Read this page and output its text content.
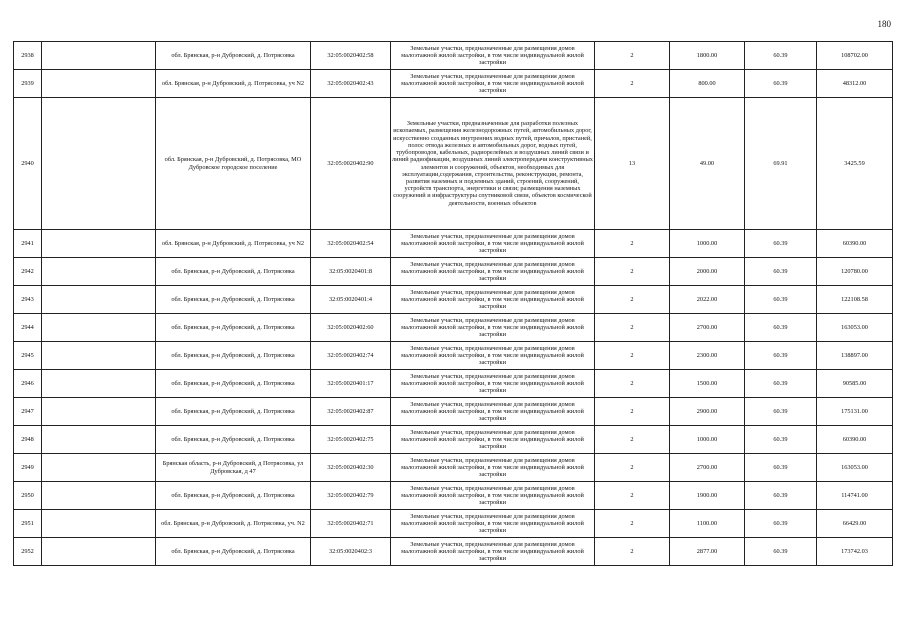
180
2938		обл. Брянская, р-н Дубровский, д. Потрясовка	32:05:0020402:58	Земельные участки, предназначенные для размещения домов малоэтажной жилой застройки, в том числе индивидуальной жилой застройки	2	1800.00	60.39	108702.00
2939		обл. Брянская, р-н Дубровский, д. Потрясовка, уч N2	32:05:0020402:43	Земельные участки, предназначенные для размещения домов малоэтажной жилой застройки, в том числе индивидуальной жилой застройки	2	800.00	60.39	48312.00
2940		обл. Брянская, р-н Дубровский, д. Потрясовка, МО Дубровское городское поселение	32:05:0020402:90	Земельные участки, предназначенные для разработки полезных ископаемых, размещения железнодорожных путей, автомобильных дорог, искусственно созданных внутренних водных путей, причалов, пристаней, полос отвода железных и автомобильных дорог, водных путей, трубопроводов, кабельных, радиорелейных и воздушных линий связи и линий радиофикации, воздушных линий электропередачи конструктивных элементов и сооружений, объектов, необходимых для эксплуатации,содержания, строительства, реконструкции, ремонта, развития наземных и подземных зданий, строений, сооружений, устройств транспорта, энергетики и связи; размещения наземных сооружений и инфраструктуры спутниковой связи, объектов космической деятельности, военных объектов	13	49.00	69.91	3425.59
2941		обл. Брянская, р-н Дубровский, д. Потрясовка, уч N2	32:05:0020402:54	Земельные участки, предназначенные для размещения домов малоэтажной жилой застройки, в том числе индивидуальной жилой застройки	2	1000.00	60.39	60390.00
2942		обл. Брянская, р-н Дубровский, д. Потрясовка	32:05:0020401:8	Земельные участки, предназначенные для размещения домов малоэтажной жилой застройки, в том числе индивидуальной жилой застройки	2	2000.00	60.39	120780.00
2943		обл. Брянская, р-н Дубровский, д. Потрясовка	32:05:0020401:4	Земельные участки, предназначенные для размещения домов малоэтажной жилой застройки, в том числе индивидуальной жилой застройки	2	2022.00	60.39	122108.58
2944		обл. Брянская, р-н Дубровский, д. Потрясовка	32:05:0020402:60	Земельные участки, предназначенные для размещения домов малоэтажной жилой застройки, в том числе индивидуальной жилой застройки	2	2700.00	60.39	163053.00
2945		обл. Брянская, р-н Дубровский, д. Потрясовка	32:05:0020402:74	Земельные участки, предназначенные для размещения домов малоэтажной жилой застройки, в том числе индивидуальной жилой застройки	2	2300.00	60.39	138897.00
2946		обл. Брянская, р-н Дубровский, д. Потрясовка	32:05:0020401:17	Земельные участки, предназначенные для размещения домов малоэтажной жилой застройки, в том числе индивидуальной жилой застройки	2	1500.00	60.39	90585.00
2947		обл. Брянская, р-н Дубровский, д. Потрясовка	32:05:0020402:87	Земельные участки, предназначенные для размещения домов малоэтажной жилой застройки, в том числе индивидуальной жилой застройки	2	2900.00	60.39	175131.00
2948		обл. Брянская, р-н Дубровский, д. Потрясовка	32:05:0020402:75	Земельные участки, предназначенные для размещения домов малоэтажной жилой застройки, в том числе индивидуальной жилой застройки	2	1000.00	60.39	60390.00
2949		Брянская область, р-н Дубровский, д Потрясовка, ул Дубровская, д 47	32:05:0020402:30	Земельные участки, предназначенные для размещения домов малоэтажной жилой застройки, в том числе индивидуальной жилой застройки	2	2700.00	60.39	163053.00
2950		обл. Брянская, р-н Дубровский, д. Потрясовка	32:05:0020402:79	Земельные участки, предназначенные для размещения домов малоэтажной жилой застройки, в том числе индивидуальной жилой застройки	2	1900.00	60.39	114741.00
2951		обл. Брянская, р-н Дубровский, д. Потрясовка, уч. N2	32:05:0020402:71	Земельные участки, предназначенные для размещения домов малоэтажной жилой застройки, в том числе индивидуальной жилой застройки	2	1100.00	60.39	66429.00
2952		обл. Брянская, р-н Дубровский, д. Потрясовка	32:05:0020402:3	Земельные участки, предназначенные для размещения домов малоэтажной жилой застройки, в том числе индивидуальной жилой застройки	2	2877.00	60.39	173742.03
